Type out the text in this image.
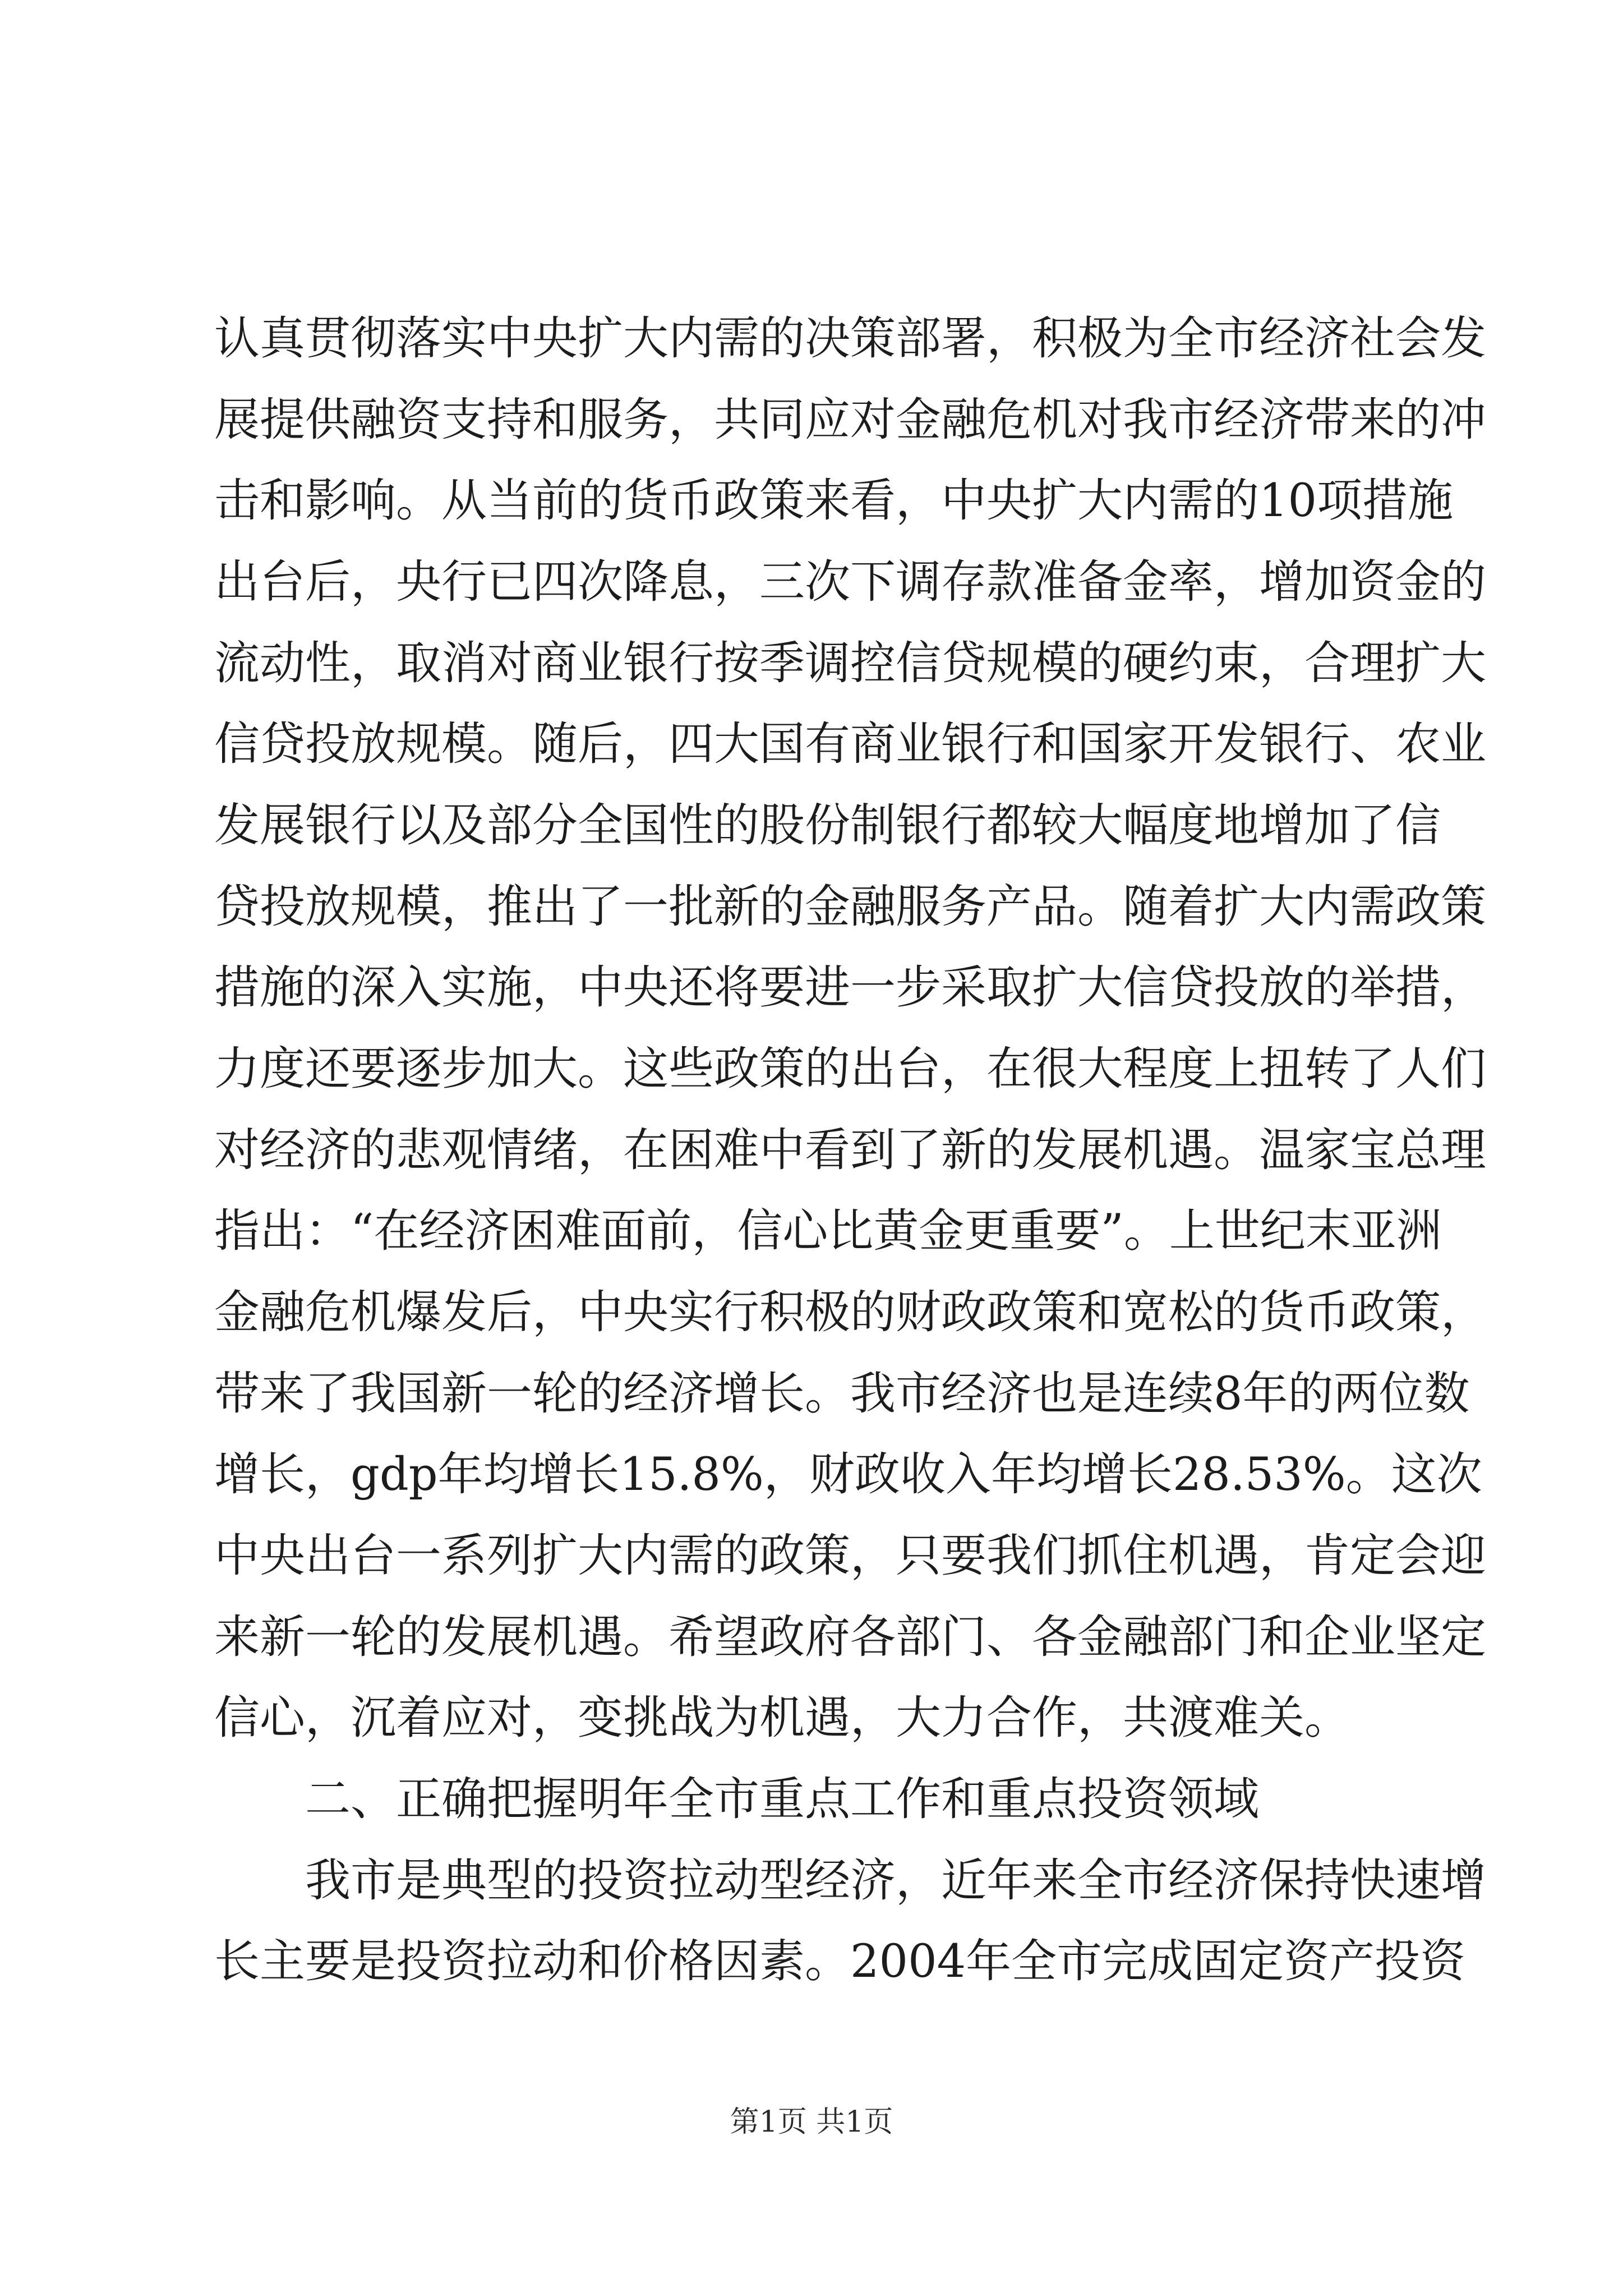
认真贯彻落实中央扩大内需的决策部署，积极为全市经济社会发
展提供融资支持和服务，共同应对金融危机对我市经济带来的冲
击和影响。从当前的货币政策来看，中央扩大内需的10项措施
出台后，央行已四次降息，三次下调存款准备金率，增加资金的
流动性，取消对商业银行按季调控信贷规模的硬约束，合理扩大
信贷投放规模。随后，四大国有商业银行和国家开发银行、农业
发展银行以及部分全国性的股份制银行都较大幅度地增加了信
贷投放规模，推出了一批新的金融服务产品。随着扩大内需政策
措施的深入实施，中央还将要进一步采取扩大信贷投放的举措，
力度还要逐步加大。这些政策的出台，在很大程度上扭转了人们
对经济的悲观情绪，在困难中看到了新的发展机遇。温家宝总理
指出：“在经济困难面前，信心比黄金更重要”。上世纪末亚洲
金融危机爆发后，中央实行积极的财政政策和宽松的货币政策，
带来了我国新一轮的经济增长。我市经济也是连续8年的两位数
增长，gdp年均增长15.8%，财政收入年均增长28.53%。这次
中央出台一系列扩大内需的政策，只要我们抓住机遇，肯定会迎
来新一轮的发展机遇。希望政府各部门、各金融部门和企业坚定
信心，沉着应对，变挑战为机遇，大力合作，共渡难关。
二、正确把握明年全市重点工作和重点投资领域
我市是典型的投资拉动型经济，近年来全市经济保持快速增
长主要是投资拉动和价格因素。2004年全市完成固定资产投资
第1页 共1页
